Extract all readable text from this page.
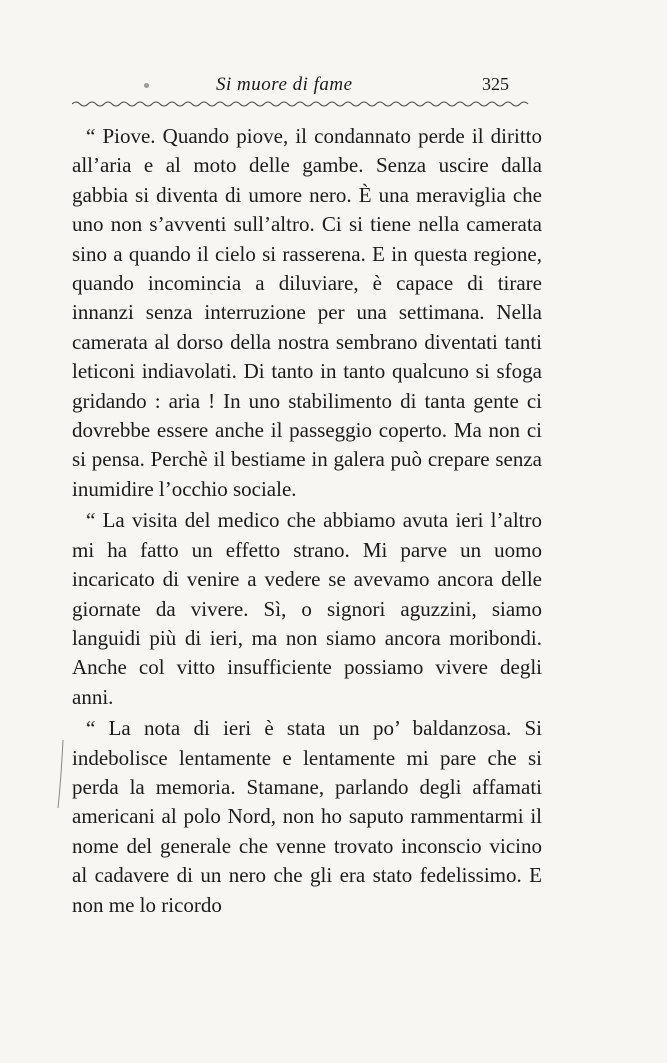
Si muore di fame	325

“ Piove. Quando piove, il condannato perde il diritto all’aria e al moto delle gambe. Senza uscire dalla gabbia si diventa di umore nero. È una meraviglia che uno non s’avventi sull’altro. Ci si tiene nella camerata sino a quando il cielo si rasserena. E in questa regione, quando incomincia a diluviare, è capace di tirare innanzi senza interruzione per una settimana. Nella camerata al dorso della nostra sembrano diventati tanti leticoni indiavolati. Di tanto in tanto qualcuno si sfoga gridando : aria ! In uno stabilimento di tanta gente ci dovrebbe essere anche il passeggio coperto. Ma non ci si pensa. Perchè il bestiame in galera può crepare senza inumidire l’occhio sociale.

“ La visita del medico che abbiamo avuta ieri l’altro mi ha fatto un effetto strano. Mi parve un uomo incaricato di venire a vedere se avevamo ancora delle giornate da vivere. Sì, o signori aguzzini, siamo languidi più di ieri, ma non siamo ancora moribondi. Anche col vitto insufficiente possiamo vivere degli anni.

“ La nota di ieri è stata un po’ baldanzosa. Si indebolisce lentamente e lentamente mi pare che si perda la memoria. Stamane, parlando degli affamati americani al polo Nord, non ho saputo rammentarmi il nome del generale che venne trovato inconscio vicino al cadavere di un nero che gli era stato fedelissimo. E non me lo ricordo
